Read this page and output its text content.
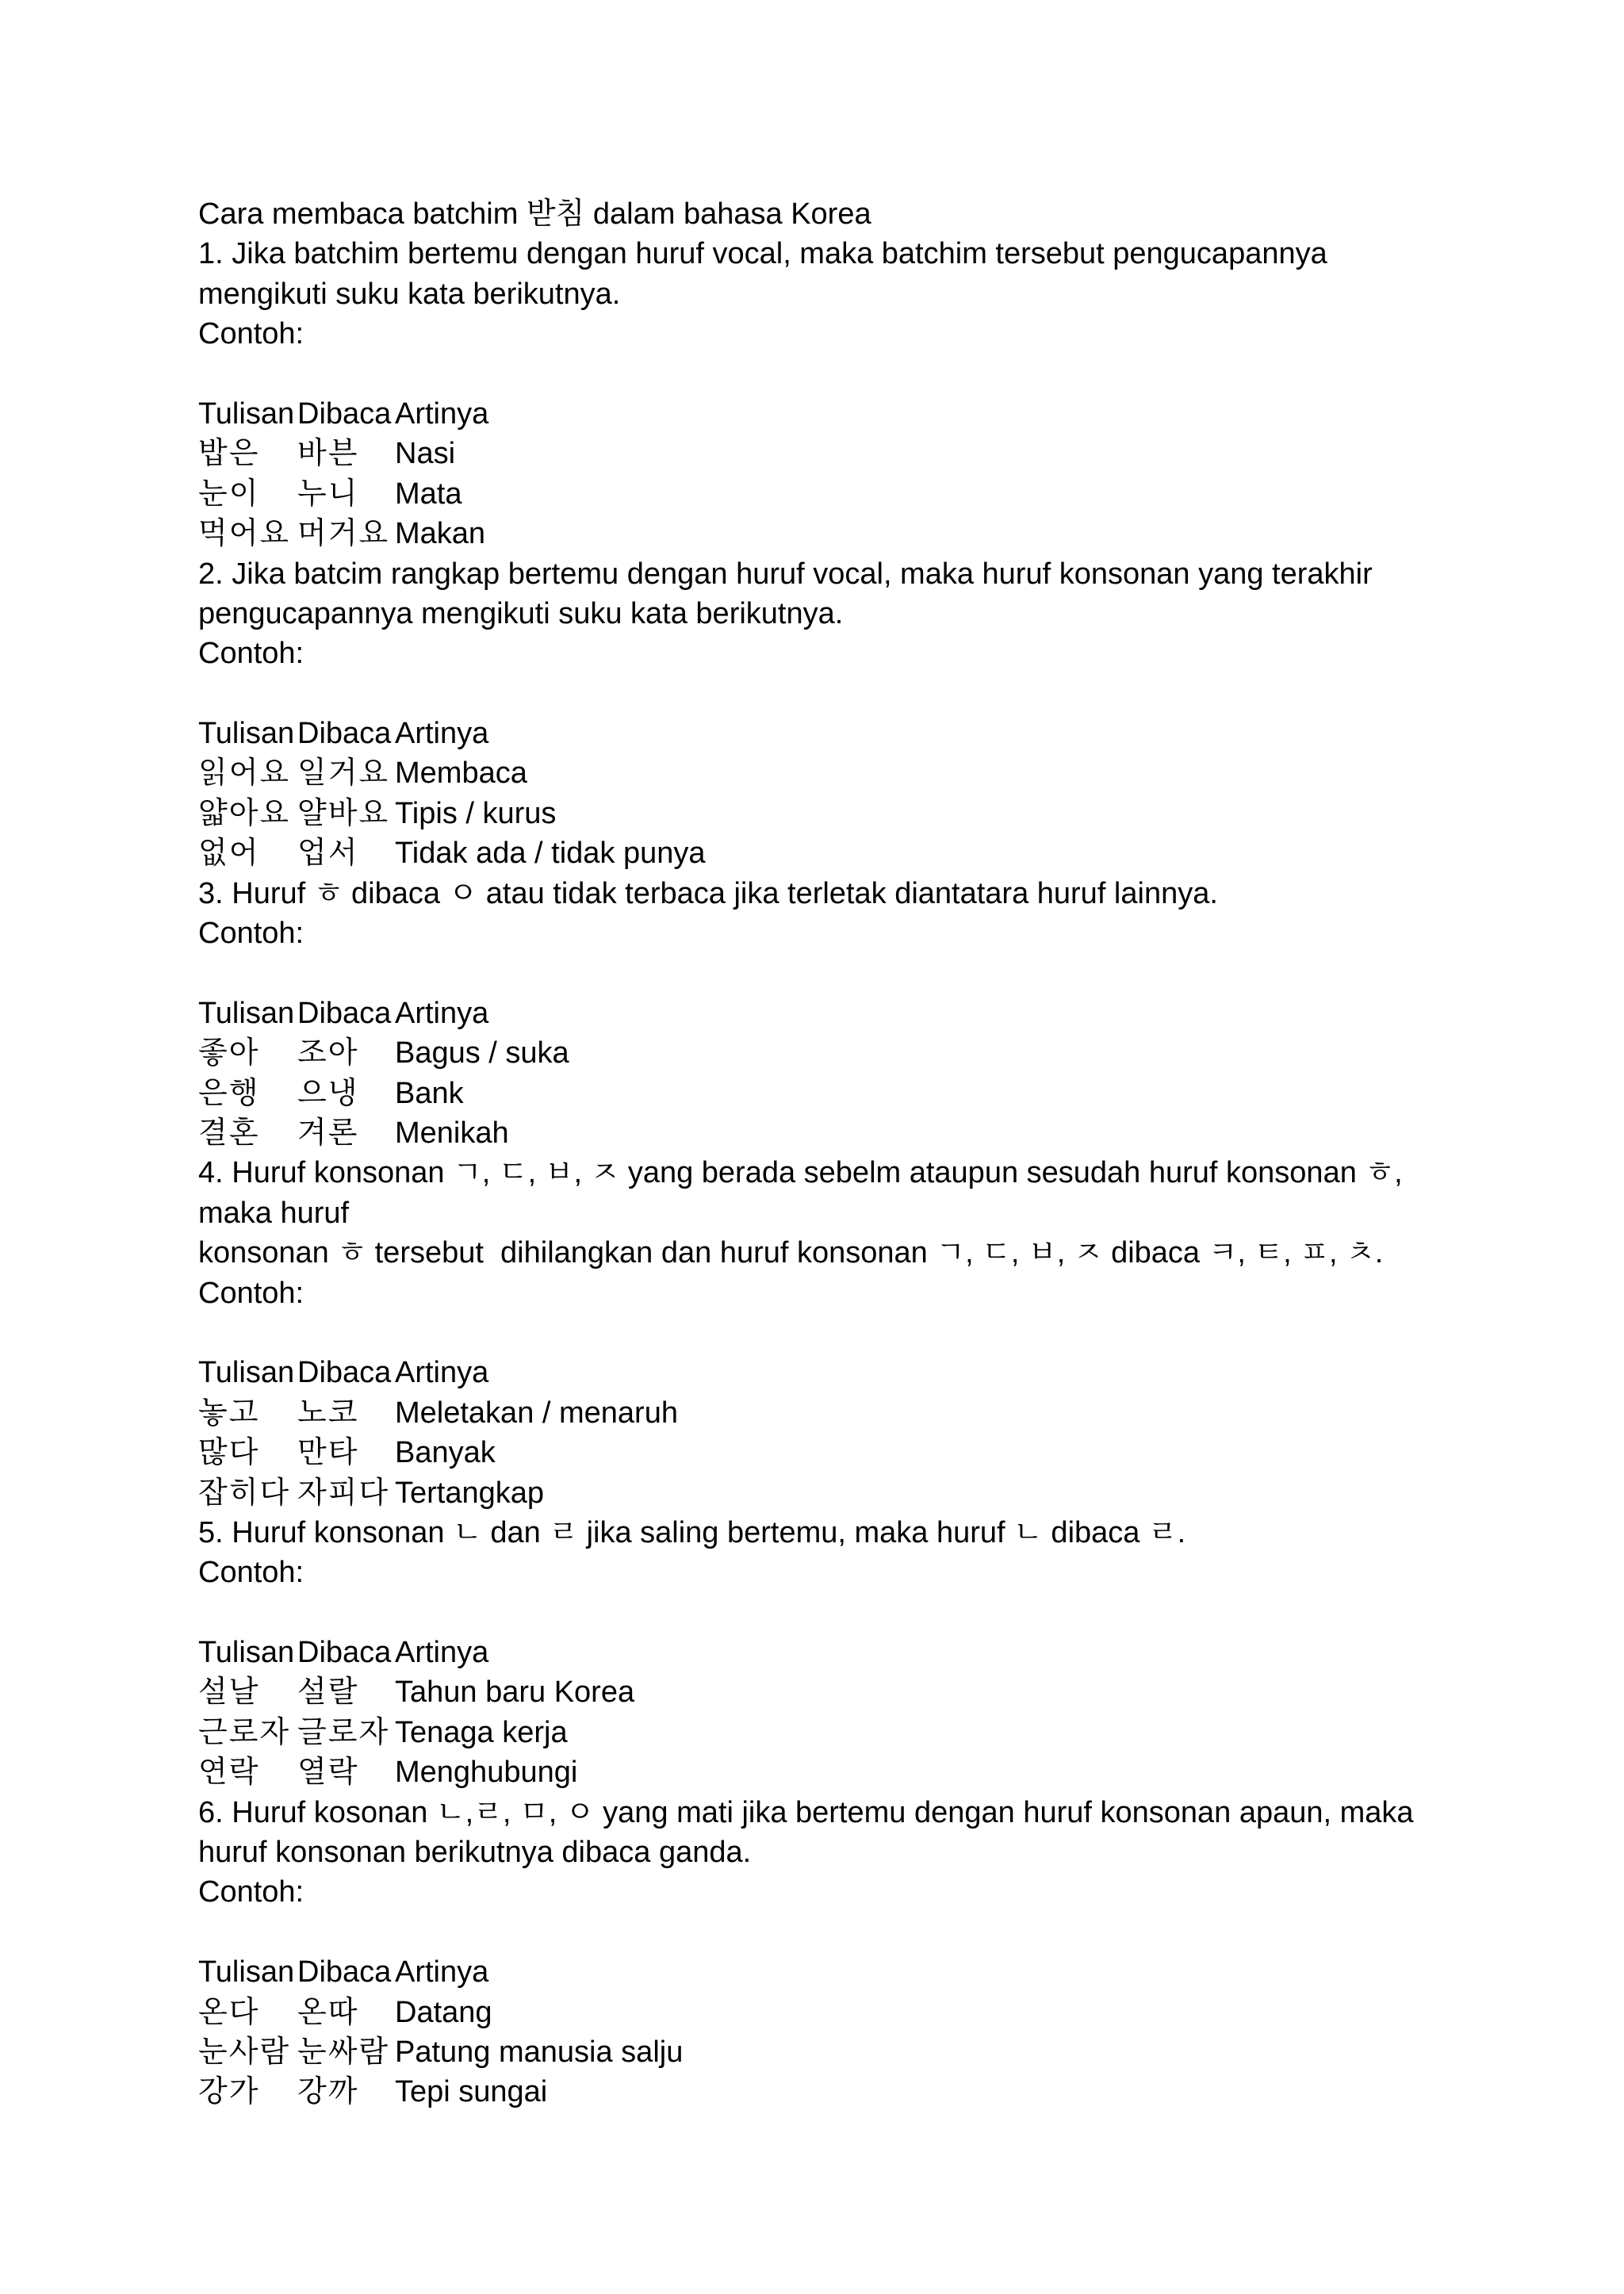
Cara membaca batchim 받침 dalam bahasa Korea
1. Jika batchim bertemu dengan huruf vocal, maka batchim tersebut pengucapannya
mengikuti suku kata berikutnya.
Contoh:
Tulisan Dibaca Artinya
밥은	바븐	Nasi
눈이	누니	Mata
먹어요 머거요 Makan
2. Jika batcim rangkap bertemu dengan huruf vocal, maka huruf konsonan yang terakhir
pengucapannya mengikuti suku kata berikutnya.
Contoh:
Tulisan Dibaca Artinya
읽어요 일거요 Membaca
얇아요 얄바요 Tipis / kurus
없어	업서	Tidak ada / tidak punya
3. Huruf ㅎ dibaca ㅇ atau tidak terbaca jika terletak diantatara huruf lainnya.
Contoh:
Tulisan Dibaca Artinya
좋아	조아	Bagus / suka
은행	으냉	Bank
결혼	겨론	Menikah
4. Huruf konsonan ㄱ, ㄷ, ㅂ, ㅈ yang berada sebelm ataupun sesudah huruf konsonan ㅎ,
maka huruf
konsonan ㅎ tersebut  dihilangkan dan huruf konsonan ㄱ, ㄷ, ㅂ, ㅈ dibaca ㅋ, ㅌ, ㅍ, ㅊ.
Contoh:
Tulisan Dibaca Artinya
놓고	노코	Meletakan / menaruh
많다	만타	Banyak
잡히다 자피다 Tertangkap
5. Huruf konsonan ㄴ dan ㄹ jika saling bertemu, maka huruf ㄴ dibaca ㄹ.
Contoh:
Tulisan Dibaca Artinya
설날	설랄	Tahun baru Korea
근로자 글로자 Tenaga kerja
연락	열락	Menghubungi
6. Huruf kosonan ㄴ,ㄹ, ㅁ, ㅇ yang mati jika bertemu dengan huruf konsonan apaun, maka
huruf konsonan berikutnya dibaca ganda.
Contoh:
Tulisan Dibaca Artinya
온다	온따	Datang
눈사람 눈싸람 Patung manusia salju
강가	강까	Tepi sungai
